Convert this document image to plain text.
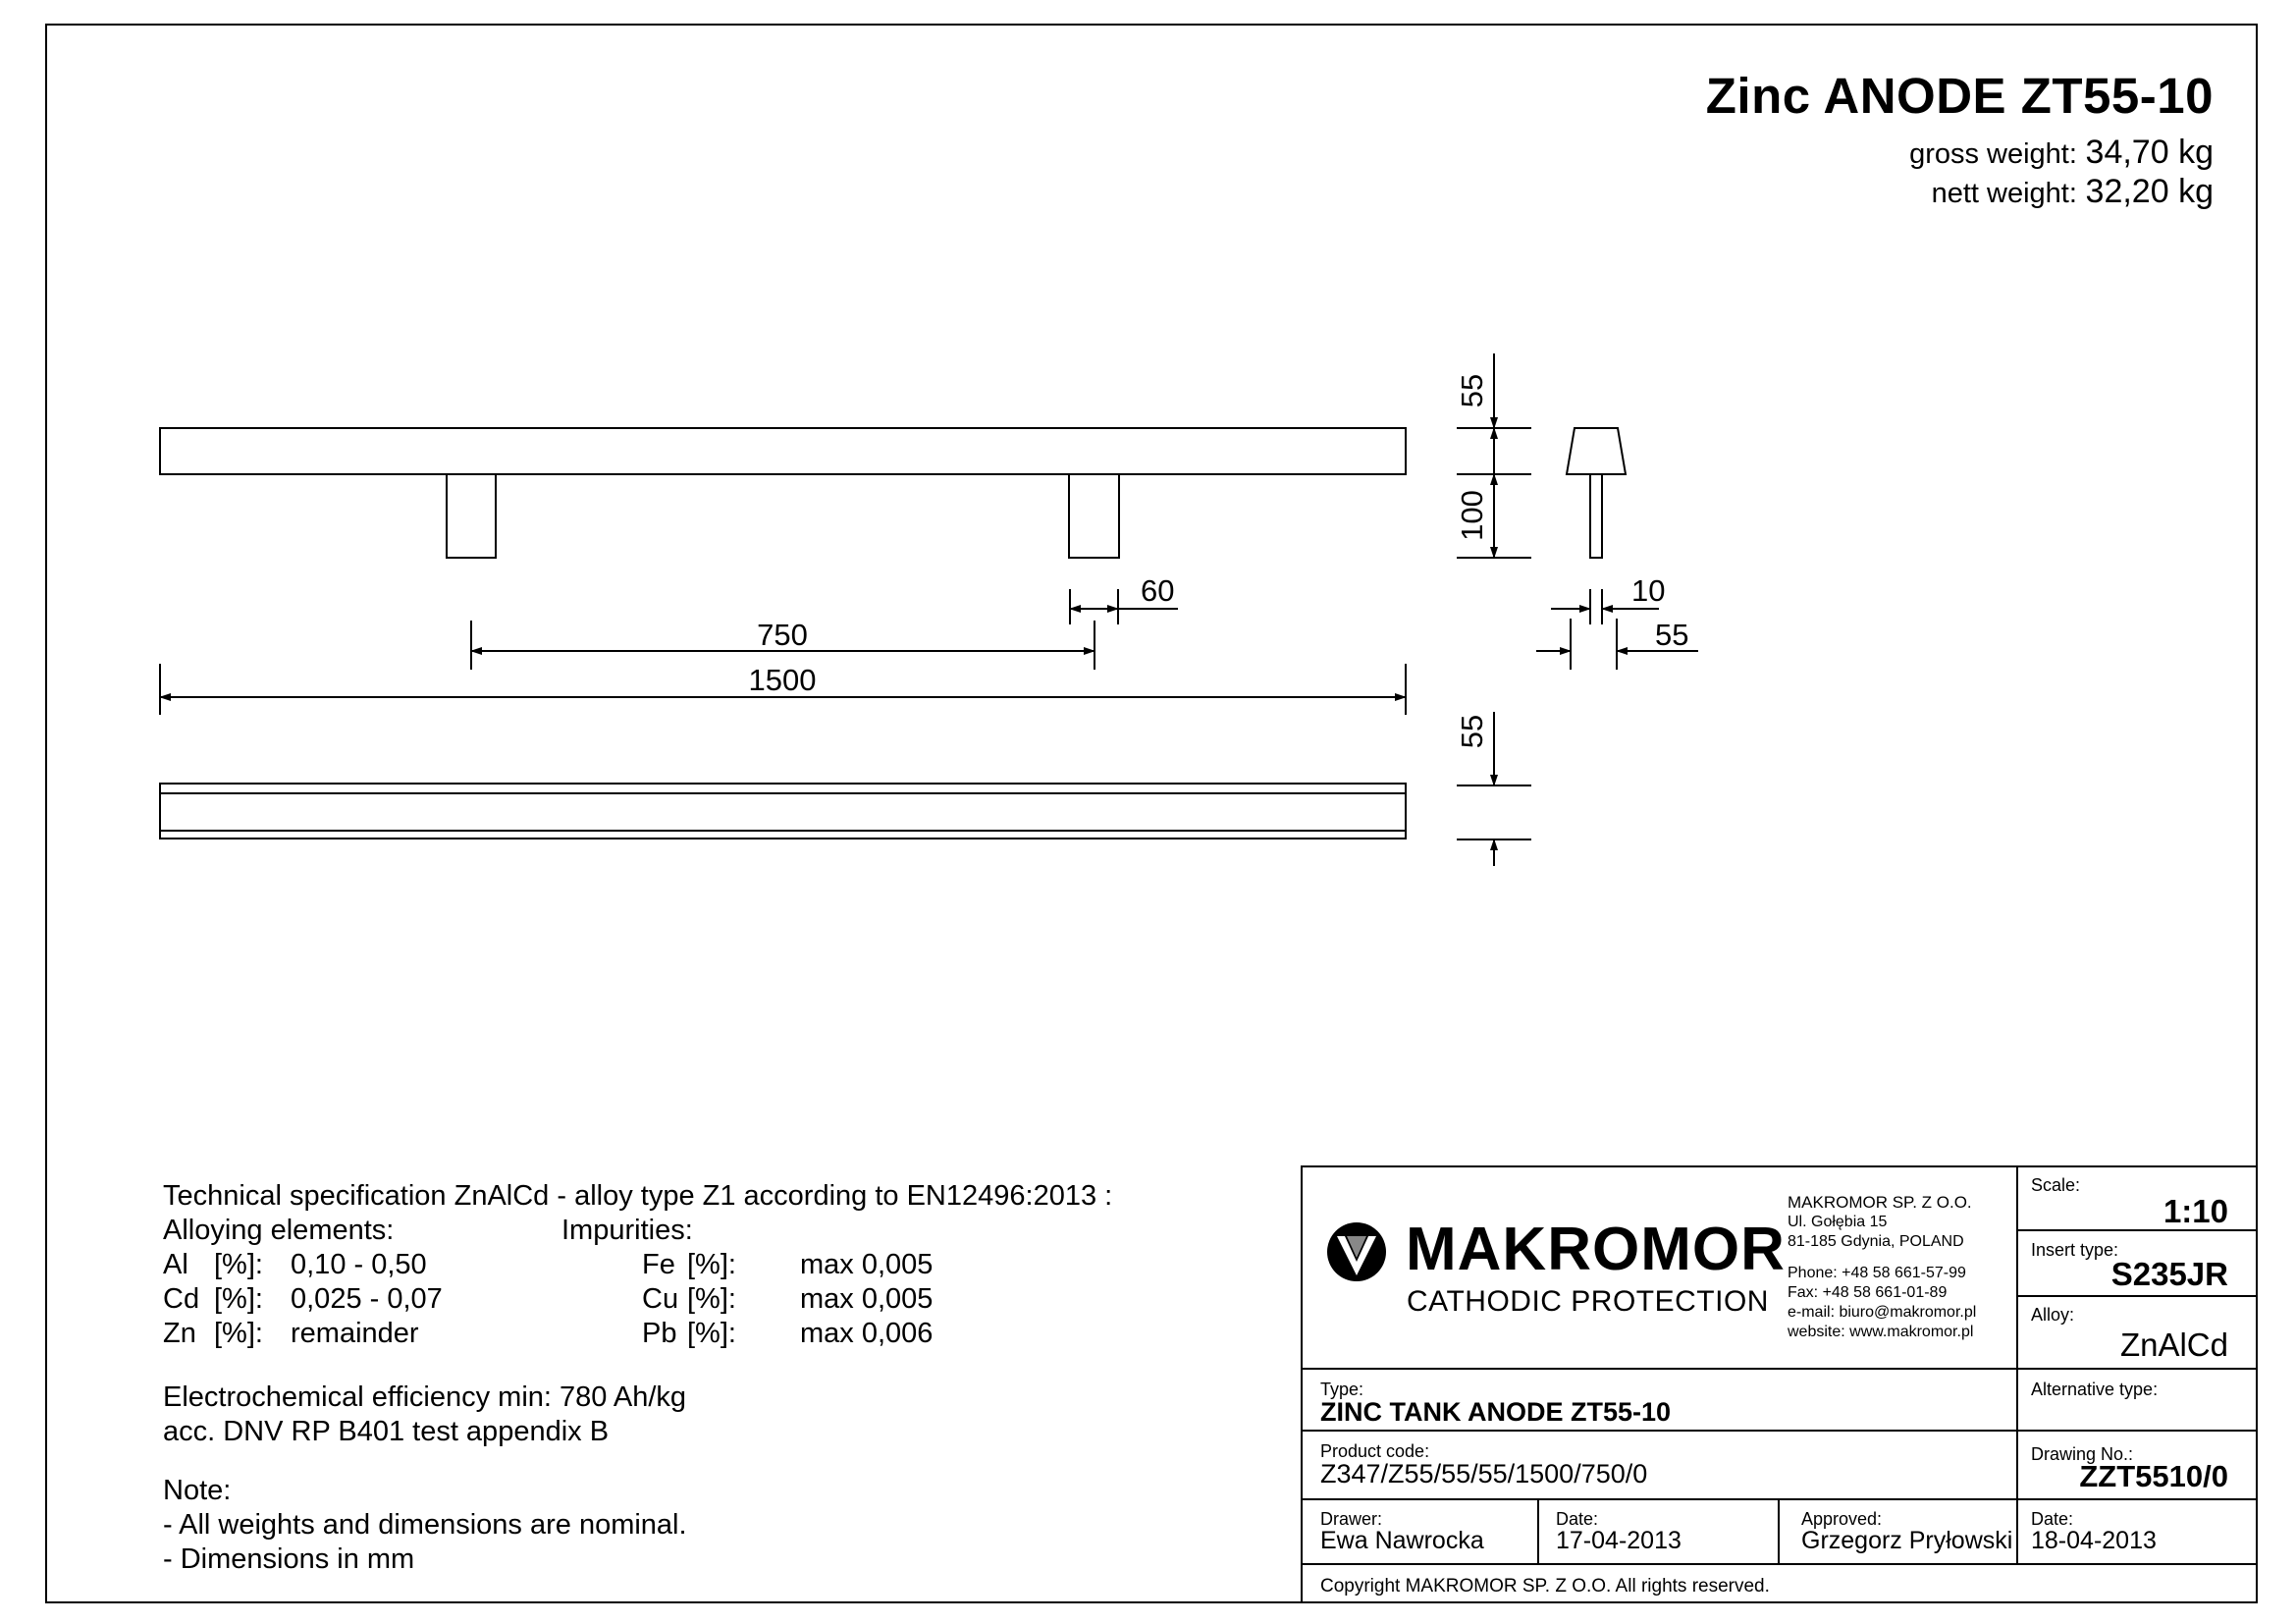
Zinc ANODE ZT55-10
gross weight: 34,70 kg
nett weight: 32,20 kg
55
100
60
750
1500
10
55
55
Technical specification ZnAlCd - alloy type Z1 according to EN12496:2013 :
Alloying elements:	Impurities:
Al [%]: 0,10 - 0,50
Cd [%]: 0,025 - 0,07
Zn [%]: remainder
Fe [%]: max 0,005
Cu [%]: max 0,005
Pb [%]: max 0,006
Electrochemical efficiency min: 780 Ah/kg
acc. DNV RP B401 test appendix B
Note:
- All weights and dimensions are nominal.
- Dimensions in mm
MAKROMOR
CATHODIC PROTECTION
MAKROMOR SP. Z O.O.
Ul. Gołębia 15
81-185 Gdynia, POLAND
Phone: +48 58 661-57-99
Fax: +48 58 661-01-89
e-mail: biuro@makromor.pl
website: www.makromor.pl
Scale:
1:10
Insert type:
S235JR
Alloy:
ZnAlCd
Alternative type:
Drawing No.:
ZZT5510/0
Type:
ZINC TANK ANODE ZT55-10
Product code:
Z347/Z55/55/55/1500/750/0
Drawer:
Ewa Nawrocka
Date:
17-04-2013
Approved:
Grzegorz Pryłowski
Date:
18-04-2013
Copyright MAKROMOR SP. Z O.O. All rights reserved.
